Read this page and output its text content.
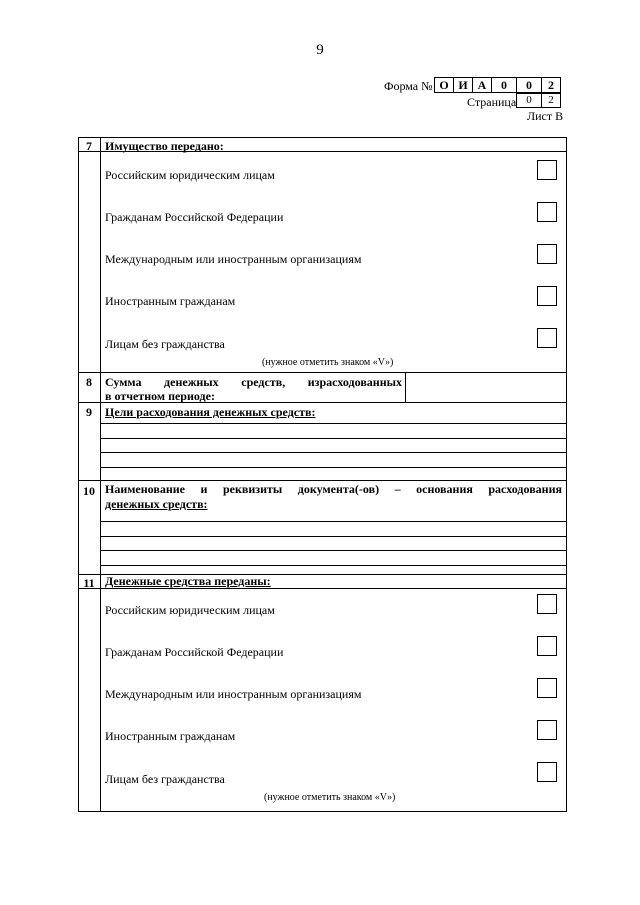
9
Форма № О И А	0	0	2
Страница 0	2
Лист В
7	Имущество передано:
Российским юридическим лицам
Гражданам Российской Федерации
Международным или иностранным организациям
Иностранным гражданам
Лицам без гражданства
(нужное отметить знаком «V»)
8	Сумма денежных средств, израсходованных
в отчетном периоде:
9	Цели расходования денежных средств:
10 Наименование и реквизиты документа(-ов) – основания расходования
денежных средств:
11 Денежные средства переданы:
Российским юридическим лицам
Гражданам Российской Федерации
Международным или иностранным организациям
Иностранным гражданам
Лицам без гражданства
(нужное отметить знаком «V»)
